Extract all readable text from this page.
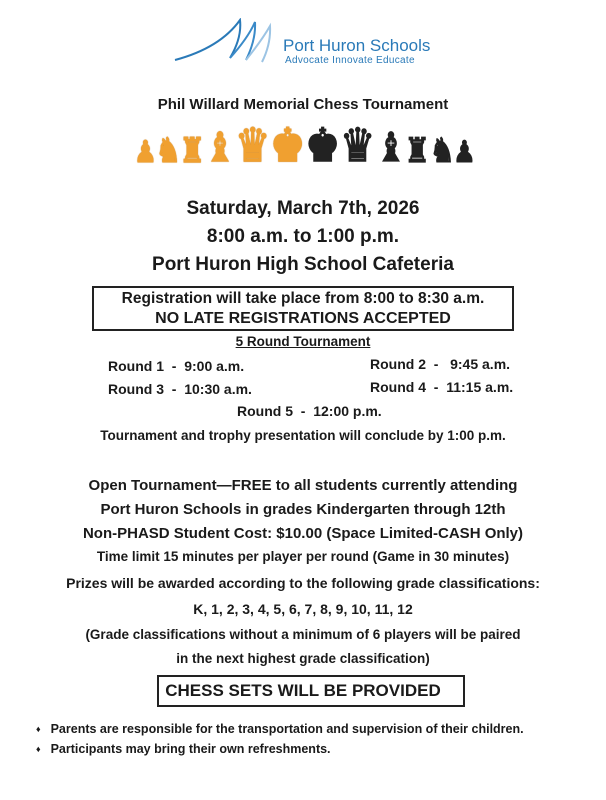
Port Huron Schools
Advocate Innovate Educate
Phil Willard Memorial Chess Tournament
♟
♞
♜
♝ ♛ ♚ ♚ ♛ ♝
♜
♞
♟
Saturday, March 7th, 2026
8:00 a.m. to 1:00 p.m.
Port Huron High School Cafeteria
Registration will take place from 8:00 to 8:30 a.m.
NO LATE REGISTRATIONS ACCEPTED
5 Round Tournament
Round 1  -  9:00 a.m.	Round 2  -   9:45 a.m.
Round 3  -  10:30 a.m.	Round 4  -  11:15 a.m.
Round 5  -  12:00 p.m.
Tournament and trophy presentation will conclude by 1:00 p.m.
Open Tournament—FREE to all students currently attending
Port Huron Schools in grades Kindergarten through 12th
Non-PHASD Student Cost: $10.00 (Space Limited-CASH Only)
Time limit 15 minutes per player per round (Game in 30 minutes)
Prizes will be awarded according to the following grade classifications:
K, 1, 2, 3, 4, 5, 6, 7, 8, 9, 10, 11, 12
(Grade classifications without a minimum of 6 players will be paired
in the next highest grade classification)
CHESS SETS WILL BE PROVIDED
♦ Parents are responsible for the transportation and supervision of their children.
♦ Participants may bring their own refreshments.
